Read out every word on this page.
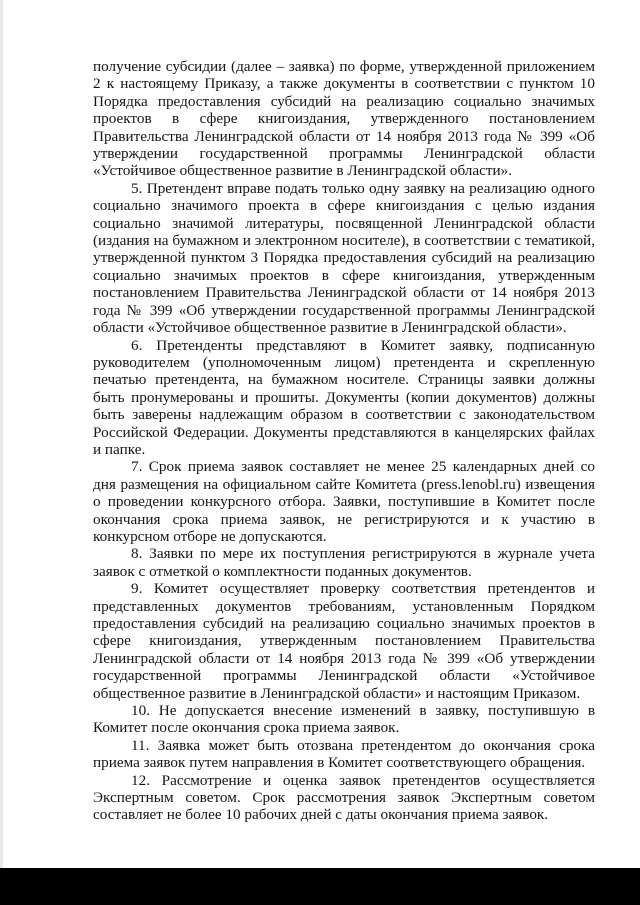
получение субсидии (далее – заявка) по форме, утвержденной приложением 2 к настоящему Приказу, а также документы в соответствии с пунктом 10 Порядка предоставления субсидий на реализацию социально значимых проектов в сфере книгоиздания, утвержденного постановлением Правительства Ленинградской области от 14 ноября 2013 года № 399 «Об утверждении государственной программы Ленинградской области «Устойчивое общественное развитие в Ленинградской области».

5. Претендент вправе подать только одну заявку на реализацию одного социально значимого проекта в сфере книгоиздания с целью издания социально значимой литературы, посвященной Ленинградской области (издания на бумажном и электронном носителе), в соответствии с тематикой, утвержденной пунктом 3 Порядка предоставления субсидий на реализацию социально значимых проектов в сфере книгоиздания, утвержденным постановлением Правительства Ленинградской области от 14 ноября 2013 года № 399 «Об утверждении государственной программы Ленинградской области «Устойчивое общественное развитие в Ленинградской области».

6. Претенденты представляют в Комитет заявку, подписанную руководителем (уполномоченным лицом) претендента и скрепленную печатью претендента, на бумажном носителе. Страницы заявки должны быть пронумерованы и прошиты. Документы (копии документов) должны быть заверены надлежащим образом в соответствии с законодательством Российской Федерации. Документы представляются в канцелярских файлах и папке.

7. Срок приема заявок составляет не менее 25 календарных дней со дня размещения на официальном сайте Комитета (press.lenobl.ru) извещения о проведении конкурсного отбора. Заявки, поступившие в Комитет после окончания срока приема заявок, не регистрируются и к участию в конкурсном отборе не допускаются.

8. Заявки по мере их поступления регистрируются в журнале учета заявок с отметкой о комплектности поданных документов.

9. Комитет осуществляет проверку соответствия претендентов и представленных документов требованиям, установленным Порядком предоставления субсидий на реализацию социально значимых проектов в сфере книгоиздания, утвержденным постановлением Правительства Ленинградской области от 14 ноября 2013 года № 399 «Об утверждении государственной программы Ленинградской области «Устойчивое общественное развитие в Ленинградской области» и настоящим Приказом.

10. Не допускается внесение изменений в заявку, поступившую в Комитет после окончания срока приема заявок.

11. Заявка может быть отозвана претендентом до окончания срока приема заявок путем направления в Комитет соответствующего обращения.

12. Рассмотрение и оценка заявок претендентов осуществляется Экспертным советом. Срок рассмотрения заявок Экспертным советом составляет не более 10 рабочих дней с даты окончания приема заявок.
